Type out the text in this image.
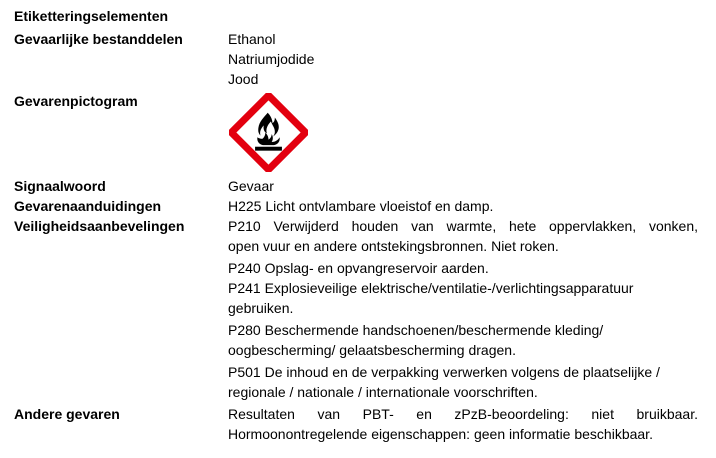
Etiketteringselementen
Gevaarlijke bestanddelen	Ethanol
Natriumjodide
Jood
Gevarenpictogram
Signaalwoord	Gevaar
Gevarenaanduidingen	H225 Licht ontvlambare vloeistof en damp.
Veiligheidsaanbevelingen	P210 Verwijderd houden van warmte, hete oppervlakken, vonken,
open vuur en andere ontstekingsbronnen. Niet roken.
P240 Opslag- en opvangreservoir aarden.
P241 Explosieveilige elektrische/ventilatie-/verlichtingsapparatuur
gebruiken.
P280 Beschermende handschoenen/beschermende kleding/
oogbescherming/ gelaatsbescherming dragen.
P501 De inhoud en de verpakking verwerken volgens de plaatselijke /
regionale / nationale / internationale voorschriften.
Andere gevaren	Resultaten van PBT- en zPzB-beoordeling: niet bruikbaar.
Hormoonontregelende eigenschappen: geen informatie beschikbaar.
